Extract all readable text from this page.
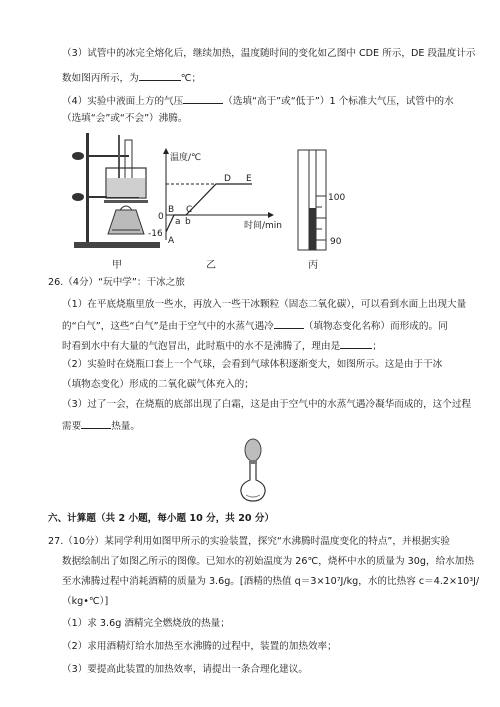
（3）试管中的冰完全熔化后，继续加热，温度随时间的变化如乙图中 CDE 所示，DE 段温度计示
数如图丙所示，为	℃；
（4）实验中液面上方的气压	（选填“高于”或“低于”）1 个标准大气压，试管中的水
（选填“会”或“不会”）沸腾。
甲
温度/℃
时间/min
0
-16
A
B C
D E
a b
乙
100
90
丙
26.（4分）“玩中学”：干冰之旅
（1）在平底烧瓶里放一些水，再放入一些干冰颗粒（固态二氧化碳），可以看到水面上出现大量
的“白气”，这些“白气”是由于空气中的水蒸气遇冷	（填物态变化名称）而形成的。同
时看到水中有大量的气泡冒出，此时瓶中的水不是沸腾了，理由是	；
（2）实验时在烧瓶口套上一个气球，会看到气球体积逐渐变大，如图所示。这是由于干冰
（填物态变化）形成的二氧化碳气体充入的；
（3）过了一会，在烧瓶的底部出现了白霜，这是由于空气中的水蒸气遇冷凝华而成的，这个过程
需要	热量。
六、计算题（共 2 小题，每小题 10 分，共 20 分）
27.（10分）某同学利用如图甲所示的实验装置，探究“水沸腾时温度变化的特点”，并根据实验
数据绘制出了如图乙所示的图像。已知水的初始温度为 26℃，烧杯中水的质量为 30g，给水加热
至水沸腾过程中消耗酒精的质量为 3.6g。[酒精的热值 q＝3×10⁷J/kg，水的比热容 c＝4.2×10³J/
（kg•℃）]
（1）求 3.6g 酒精完全燃烧放的热量；
（2）求用酒精灯给水加热至水沸腾的过程中，装置的加热效率；
（3）要提高此装置的加热效率，请提出一条合理化建议。
